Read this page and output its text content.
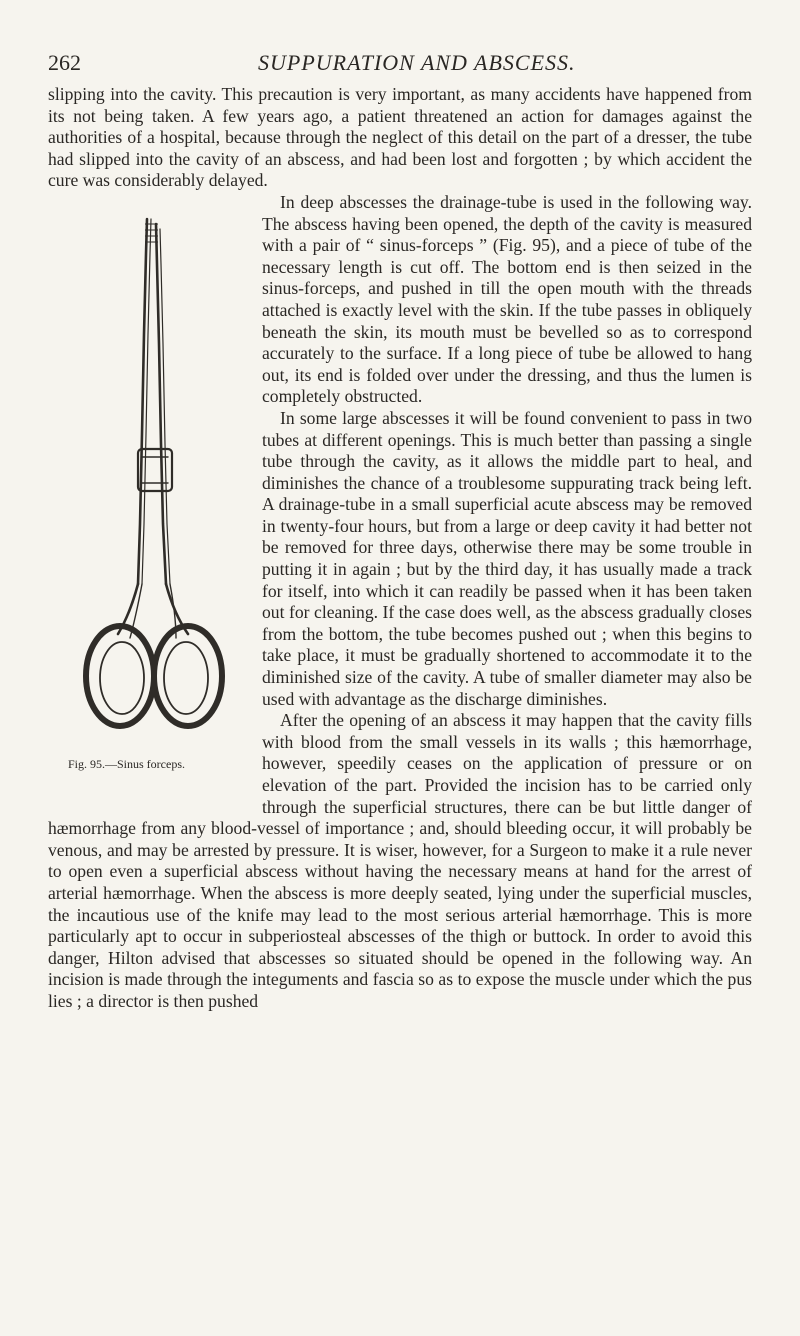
262	SUPPURATION AND ABSCESS.

slipping into the cavity. This precaution is very important, as many accidents have happened from its not being taken. A few years ago, a patient threatened an action for damages against the authorities of a hospital, because through the neglect of this detail on the part of a dresser, the tube had slipped into the cavity of an abscess, and had been lost and forgotten ; by which accident the cure was considerably delayed.

Fig. 95.—Sinus forceps.
In deep abscesses the drainage-tube is used in the following way. The abscess having been opened, the depth of the cavity is measured with a pair of “ sinus-forceps ” (Fig. 95), and a piece of tube of the necessary length is cut off. The bottom end is then seized in the sinus-forceps, and pushed in till the open mouth with the threads attached is exactly level with the skin. If the tube passes in obliquely beneath the skin, its mouth must be bevelled so as to correspond accurately to the surface. If a long piece of tube be allowed to hang out, its end is folded over under the dressing, and thus the lumen is completely obstructed.

In some large abscesses it will be found convenient to pass in two tubes at different openings. This is much better than passing a single tube through the cavity, as it allows the middle part to heal, and diminishes the chance of a troublesome suppurating track being left. A drainage-tube in a small superficial acute abscess may be removed in twenty-four hours, but from a large or deep cavity it had better not be removed for three days, otherwise there may be some trouble in putting it in again ; but by the third day, it has usually made a track for itself, into which it can readily be passed when it has been taken out for cleaning. If the case does well, as the abscess gradually closes from the bottom, the tube becomes pushed out ; when this begins to take place, it must be gradually shortened to accommodate it to the diminished size of the cavity. A tube of smaller diameter may also be used with advantage as the discharge diminishes.

After the opening of an abscess it may happen that the cavity fills with blood from the small vessels in its walls ; this hæmorrhage, however, speedily ceases on the application of pressure or on elevation of the part. Provided the incision has to be carried only through the superficial structures, there can be but little danger of hæmorrhage from any blood-vessel of importance ; and, should bleeding occur, it will probably be venous, and may be arrested by pressure. It is wiser, however, for a Surgeon to make it a rule never to open even a superficial abscess without having the necessary means at hand for the arrest of arterial hæmorrhage. When the abscess is more deeply seated, lying under the superficial muscles, the incautious use of the knife may lead to the most serious arterial hæmorrhage. This is more particularly apt to occur in subperiosteal abscesses of the thigh or buttock. In order to avoid this danger, Hilton advised that abscesses so situated should be opened in the following way. An incision is made through the integuments and fascia so as to expose the muscle under which the pus lies ; a director is then pushed
